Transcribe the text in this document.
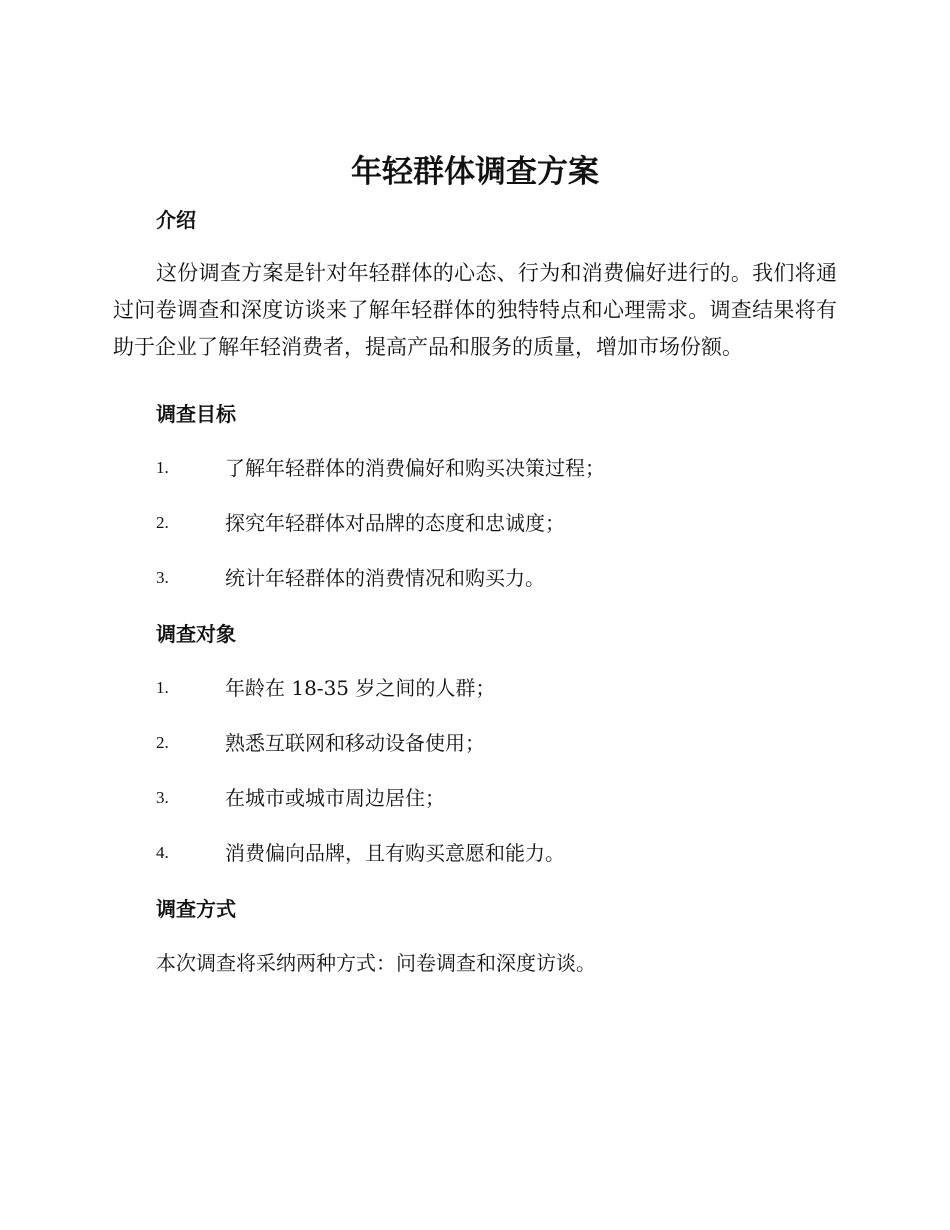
年轻群体调查方案
介绍

这份调查方案是针对年轻群体的心态、行为和消费偏好进行的。我们将通过问卷调查和深度访谈来了解年轻群体的独特特点和心理需求。调查结果将有助于企业了解年轻消费者，提高产品和服务的质量，增加市场份额。

调查目标
1.	了解年轻群体的消费偏好和购买决策过程；
2.	探究年轻群体对品牌的态度和忠诚度；
3.	统计年轻群体的消费情况和购买力。
调查对象
1.	年龄在 18-35 岁之间的人群；
2.	熟悉互联网和移动设备使用；
3.	在城市或城市周边居住；
4.	消费偏向品牌，且有购买意愿和能力。
调查方式

本次调查将采纳两种方式：问卷调查和深度访谈。
